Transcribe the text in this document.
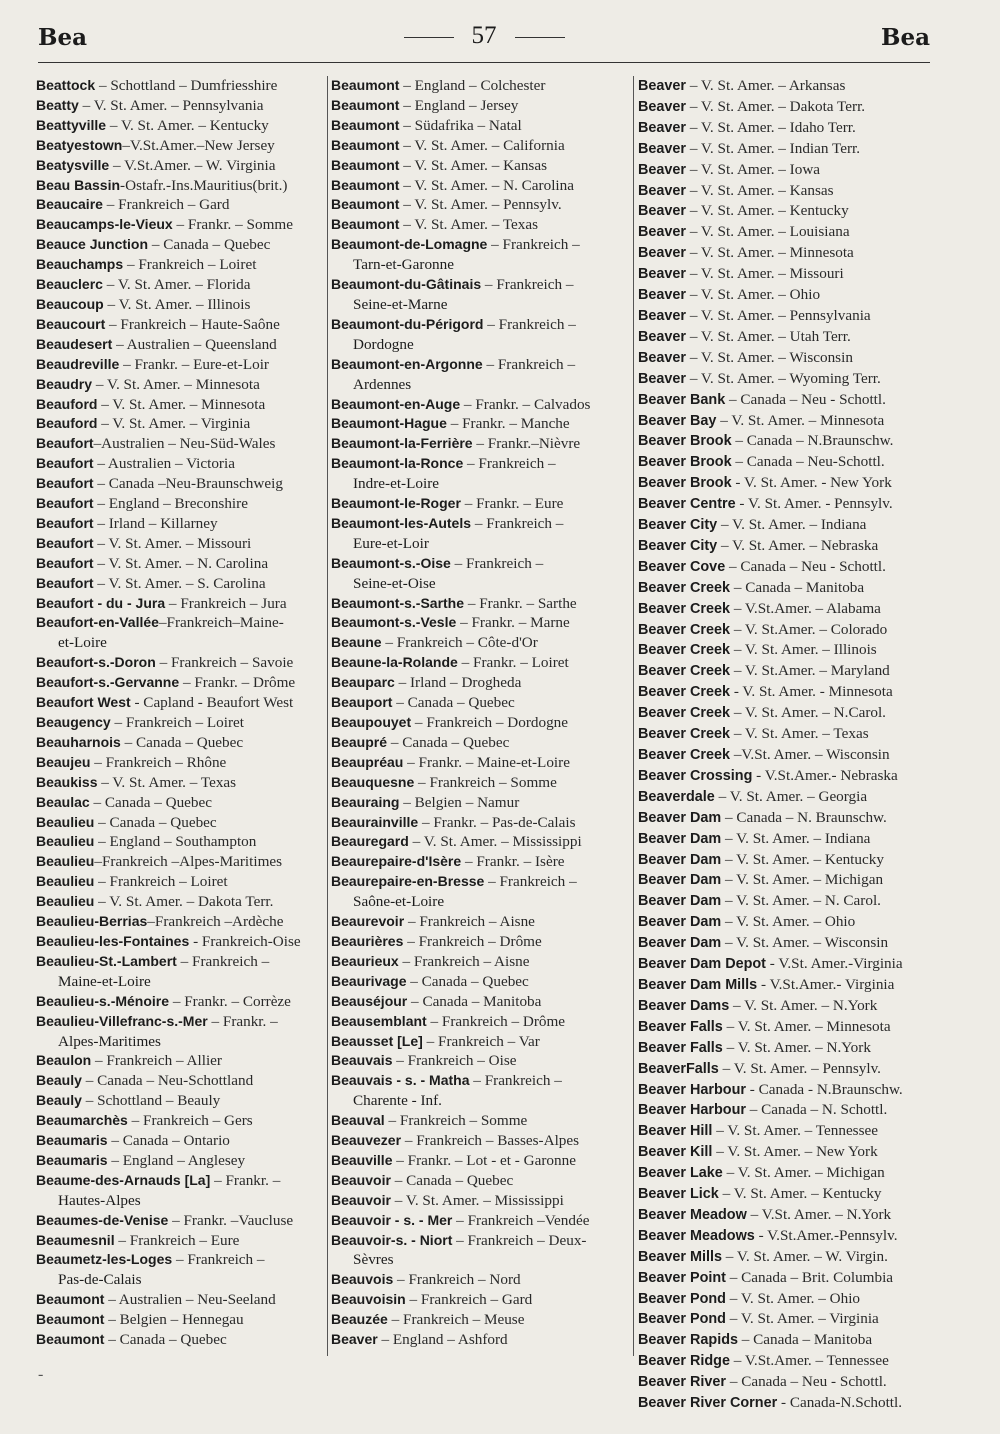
Bea	57	Bea
Beattock – Schottland – Dumfriesshire
Beatty – V. St. Amer. – Pennsylvania
Beattyville – V. St. Amer. – Kentucky
Beatyestown–V.St.Amer.–New Jersey
Beatysville – V.St.Amer. – W. Virginia
Beau Bassin-Ostafr.-Ins.Mauritius(brit.)
Beaucaire – Frankreich – Gard
Beaucamps-le-Vieux – Frankr. – Somme
Beauce Junction – Canada – Quebec
Beauchamps – Frankreich – Loiret
Beauclerc – V. St. Amer. – Florida
Beaucoup – V. St. Amer. – Illinois
Beaucourt – Frankreich – Haute-Saône
Beaudesert – Australien – Queensland
Beaudreville – Frankr. – Eure-et-Loir
Beaudry – V. St. Amer. – Minnesota
Beauford – V. St. Amer. – Minnesota
Beauford – V. St. Amer. – Virginia
Beaufort–Australien – Neu-Süd-Wales
Beaufort – Australien – Victoria
Beaufort – Canada –Neu-Braunschweig
Beaufort – England – Breconshire
Beaufort – Irland – Killarney
Beaufort – V. St. Amer. – Missouri
Beaufort – V. St. Amer. – N. Carolina
Beaufort – V. St. Amer. – S. Carolina
Beaufort - du - Jura – Frankreich – Jura
Beaufort-en-Vallée–Frankreich–Maine-
et-Loire
Beaufort-s.-Doron – Frankreich – Savoie
Beaufort-s.-Gervanne – Frankr. – Drôme
Beaufort West - Capland - Beaufort West
Beaugency – Frankreich – Loiret
Beauharnois – Canada – Quebec
Beaujeu – Frankreich – Rhône
Beaukiss – V. St. Amer. – Texas
Beaulac – Canada – Quebec
Beaulieu – Canada – Quebec
Beaulieu – England – Southampton
Beaulieu–Frankreich –Alpes-Maritimes
Beaulieu – Frankreich – Loiret
Beaulieu – V. St. Amer. – Dakota Terr.
Beaulieu-Berrias–Frankreich –Ardèche
Beaulieu-les-Fontaines - Frankreich-Oise
Beaulieu-St.-Lambert – Frankreich –
Maine-et-Loire
Beaulieu-s.-Ménoire – Frankr. – Corrèze
Beaulieu-Villefranc-s.-Mer – Frankr. –
Alpes-Maritimes
Beaulon – Frankreich – Allier
Beauly – Canada – Neu-Schottland
Beauly – Schottland – Beauly
Beaumarchès – Frankreich – Gers
Beaumaris – Canada – Ontario
Beaumaris – England – Anglesey
Beaume-des-Arnauds [La] – Frankr. –
Hautes-Alpes
Beaumes-de-Venise – Frankr. –Vaucluse
Beaumesnil – Frankreich – Eure
Beaumetz-les-Loges – Frankreich –
Pas-de-Calais
Beaumont – Australien – Neu-Seeland
Beaumont – Belgien – Hennegau
Beaumont – Canada – Quebec
Beaumont – England – Colchester
Beaumont – England – Jersey
Beaumont – Südafrika – Natal
Beaumont – V. St. Amer. – California
Beaumont – V. St. Amer. – Kansas
Beaumont – V. St. Amer. – N. Carolina
Beaumont – V. St. Amer. – Pennsylv.
Beaumont – V. St. Amer. – Texas
Beaumont-de-Lomagne – Frankreich –
Tarn-et-Garonne
Beaumont-du-Gâtinais – Frankreich –
Seine-et-Marne
Beaumont-du-Périgord – Frankreich –
Dordogne
Beaumont-en-Argonne – Frankreich –
Ardennes
Beaumont-en-Auge – Frankr. – Calvados
Beaumont-Hague – Frankr. – Manche
Beaumont-la-Ferrière – Frankr.–Nièvre
Beaumont-la-Ronce – Frankreich –
Indre-et-Loire
Beaumont-le-Roger – Frankr. – Eure
Beaumont-les-Autels – Frankreich –
Eure-et-Loir
Beaumont-s.-Oise – Frankreich –
Seine-et-Oise
Beaumont-s.-Sarthe – Frankr. – Sarthe
Beaumont-s.-Vesle – Frankr. – Marne
Beaune – Frankreich – Côte-d'Or
Beaune-la-Rolande – Frankr. – Loiret
Beauparc – Irland – Drogheda
Beauport – Canada – Quebec
Beaupouyet – Frankreich – Dordogne
Beaupré – Canada – Quebec
Beaupréau – Frankr. – Maine-et-Loire
Beauquesne – Frankreich – Somme
Beauraing – Belgien – Namur
Beaurainville – Frankr. – Pas-de-Calais
Beauregard – V. St. Amer. – Mississippi
Beaurepaire-d'Isère – Frankr. – Isère
Beaurepaire-en-Bresse – Frankreich –
Saône-et-Loire
Beaurevoir – Frankreich – Aisne
Beaurières – Frankreich – Drôme
Beaurieux – Frankreich – Aisne
Beaurivage – Canada – Quebec
Beauséjour – Canada – Manitoba
Beausemblant – Frankreich – Drôme
Beausset [Le] – Frankreich – Var
Beauvais – Frankreich – Oise
Beauvais - s. - Matha – Frankreich –
Charente - Inf.
Beauval – Frankreich – Somme
Beauvezer – Frankreich – Basses-Alpes
Beauville – Frankr. – Lot - et - Garonne
Beauvoir – Canada – Quebec
Beauvoir – V. St. Amer. – Mississippi
Beauvoir - s. - Mer – Frankreich –Vendée
Beauvoir-s. - Niort – Frankreich – Deux-
Sèvres
Beauvois – Frankreich – Nord
Beauvoisin – Frankreich – Gard
Beauzée – Frankreich – Meuse
Beaver – England – Ashford
Beaver – V. St. Amer. – Arkansas
Beaver – V. St. Amer. – Dakota Terr.
Beaver – V. St. Amer. – Idaho Terr.
Beaver – V. St. Amer. – Indian Terr.
Beaver – V. St. Amer. – Iowa
Beaver – V. St. Amer. – Kansas
Beaver – V. St. Amer. – Kentucky
Beaver – V. St. Amer. – Louisiana
Beaver – V. St. Amer. – Minnesota
Beaver – V. St. Amer. – Missouri
Beaver – V. St. Amer. – Ohio
Beaver – V. St. Amer. – Pennsylvania
Beaver – V. St. Amer. – Utah Terr.
Beaver – V. St. Amer. – Wisconsin
Beaver – V. St. Amer. – Wyoming Terr.
Beaver Bank – Canada – Neu - Schottl.
Beaver Bay – V. St. Amer. – Minnesota
Beaver Brook – Canada – N.Braunschw.
Beaver Brook – Canada – Neu-Schottl.
Beaver Brook - V. St. Amer. - New York
Beaver Centre - V. St. Amer. - Pennsylv.
Beaver City – V. St. Amer. – Indiana
Beaver City – V. St. Amer. – Nebraska
Beaver Cove – Canada – Neu - Schottl.
Beaver Creek – Canada – Manitoba
Beaver Creek – V.St.Amer. – Alabama
Beaver Creek – V. St.Amer. – Colorado
Beaver Creek – V. St. Amer. – Illinois
Beaver Creek – V. St.Amer. – Maryland
Beaver Creek - V. St. Amer. - Minnesota
Beaver Creek – V. St. Amer. – N.Carol.
Beaver Creek – V. St. Amer. – Texas
Beaver Creek –V.St. Amer. – Wisconsin
Beaver Crossing - V.St.Amer.- Nebraska
Beaverdale – V. St. Amer. – Georgia
Beaver Dam – Canada – N. Braunschw.
Beaver Dam – V. St. Amer. – Indiana
Beaver Dam – V. St. Amer. – Kentucky
Beaver Dam – V. St. Amer. – Michigan
Beaver Dam – V. St. Amer. – N. Carol.
Beaver Dam – V. St. Amer. – Ohio
Beaver Dam – V. St. Amer. – Wisconsin
Beaver Dam Depot - V.St. Amer.-Virginia
Beaver Dam Mills - V.St.Amer.- Virginia
Beaver Dams – V. St. Amer. – N.York
Beaver Falls – V. St. Amer. – Minnesota
Beaver Falls – V. St. Amer. – N.York
BeaverFalls – V. St. Amer. – Pennsylv.
Beaver Harbour - Canada - N.Braunschw.
Beaver Harbour – Canada – N. Schottl.
Beaver Hill – V. St. Amer. – Tennessee
Beaver Kill – V. St. Amer. – New York
Beaver Lake – V. St. Amer. – Michigan
Beaver Lick – V. St. Amer. – Kentucky
Beaver Meadow – V.St. Amer. – N.York
Beaver Meadows - V.St.Amer.-Pennsylv.
Beaver Mills – V. St. Amer. – W. Virgin.
Beaver Point – Canada – Brit. Columbia
Beaver Pond – V. St. Amer. – Ohio
Beaver Pond – V. St. Amer. – Virginia
Beaver Rapids – Canada – Manitoba
Beaver Ridge – V.St.Amer. – Tennessee
Beaver River – Canada – Neu - Schottl.
Beaver River Corner - Canada-N.Schottl.
-
